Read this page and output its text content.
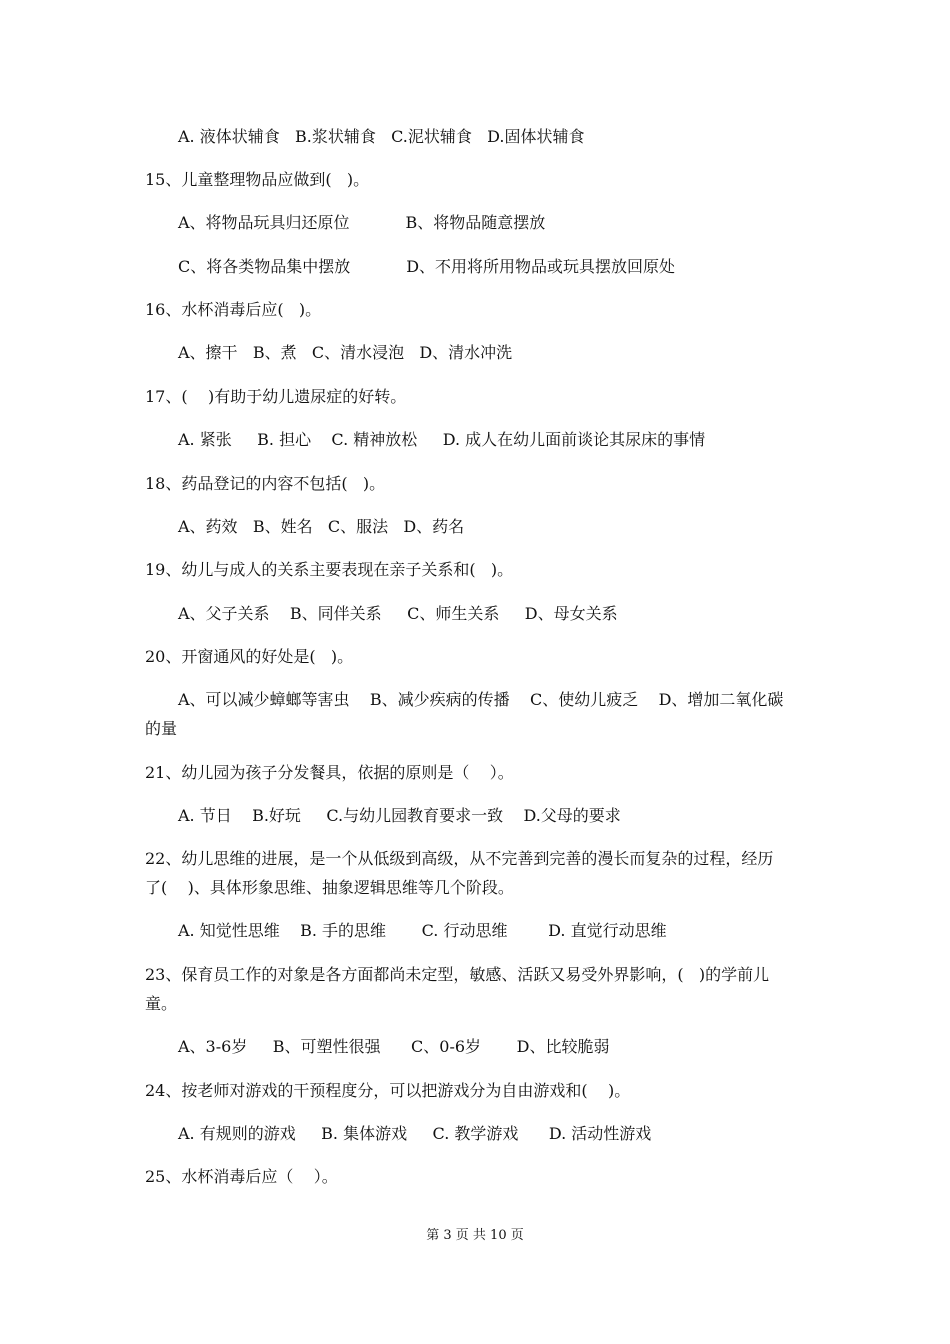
A. 液体状辅食   B.浆状辅食   C.泥状辅食   D.固体状辅食

15、儿童整理物品应做到(   )。

A、将物品玩具归还原位           B、将物品随意摆放

C、将各类物品集中摆放           D、不用将所用物品或玩具摆放回原处

16、水杯消毒后应(   )。

A、擦干   B、煮   C、清水浸泡   D、清水冲洗

17、(    )有助于幼儿遗尿症的好转。

A. 紧张     B. 担心    C. 精神放松     D. 成人在幼儿面前谈论其尿床的事情

18、药品登记的内容不包括(   )。

A、药效   B、姓名   C、服法   D、药名

19、幼儿与成人的关系主要表现在亲子关系和(   )。

A、父子关系    B、同伴关系     C、师生关系     D、母女关系

20、开窗通风的好处是(   )。

A、可以减少蟑螂等害虫    B、减少疾病的传播    C、使幼儿疲乏    D、增加二氧化碳

的量

21、幼儿园为孩子分发餐具，依据的原则是（    ）。

A. 节日    B.好玩     C.与幼儿园教育要求一致    D.父母的要求

22、幼儿思维的进展，是一个从低级到高级，从不完善到完善的漫长而复杂的过程，经历

了(    )、具体形象思维、抽象逻辑思维等几个阶段。

A. 知觉性思维    B. 手的思维       C. 行动思维        D. 直觉行动思维

23、保育员工作的对象是各方面都尚未定型，敏感、活跃又易受外界影响，(   )的学前儿

童。

A、3-6岁     B、可塑性很强      C、0-6岁       D、比较脆弱

24、按老师对游戏的干预程度分，可以把游戏分为自由游戏和(    )。

A. 有规则的游戏     B. 集体游戏     C. 教学游戏      D. 活动性游戏

25、水杯消毒后应（    ）。

第 3 页 共 10 页
